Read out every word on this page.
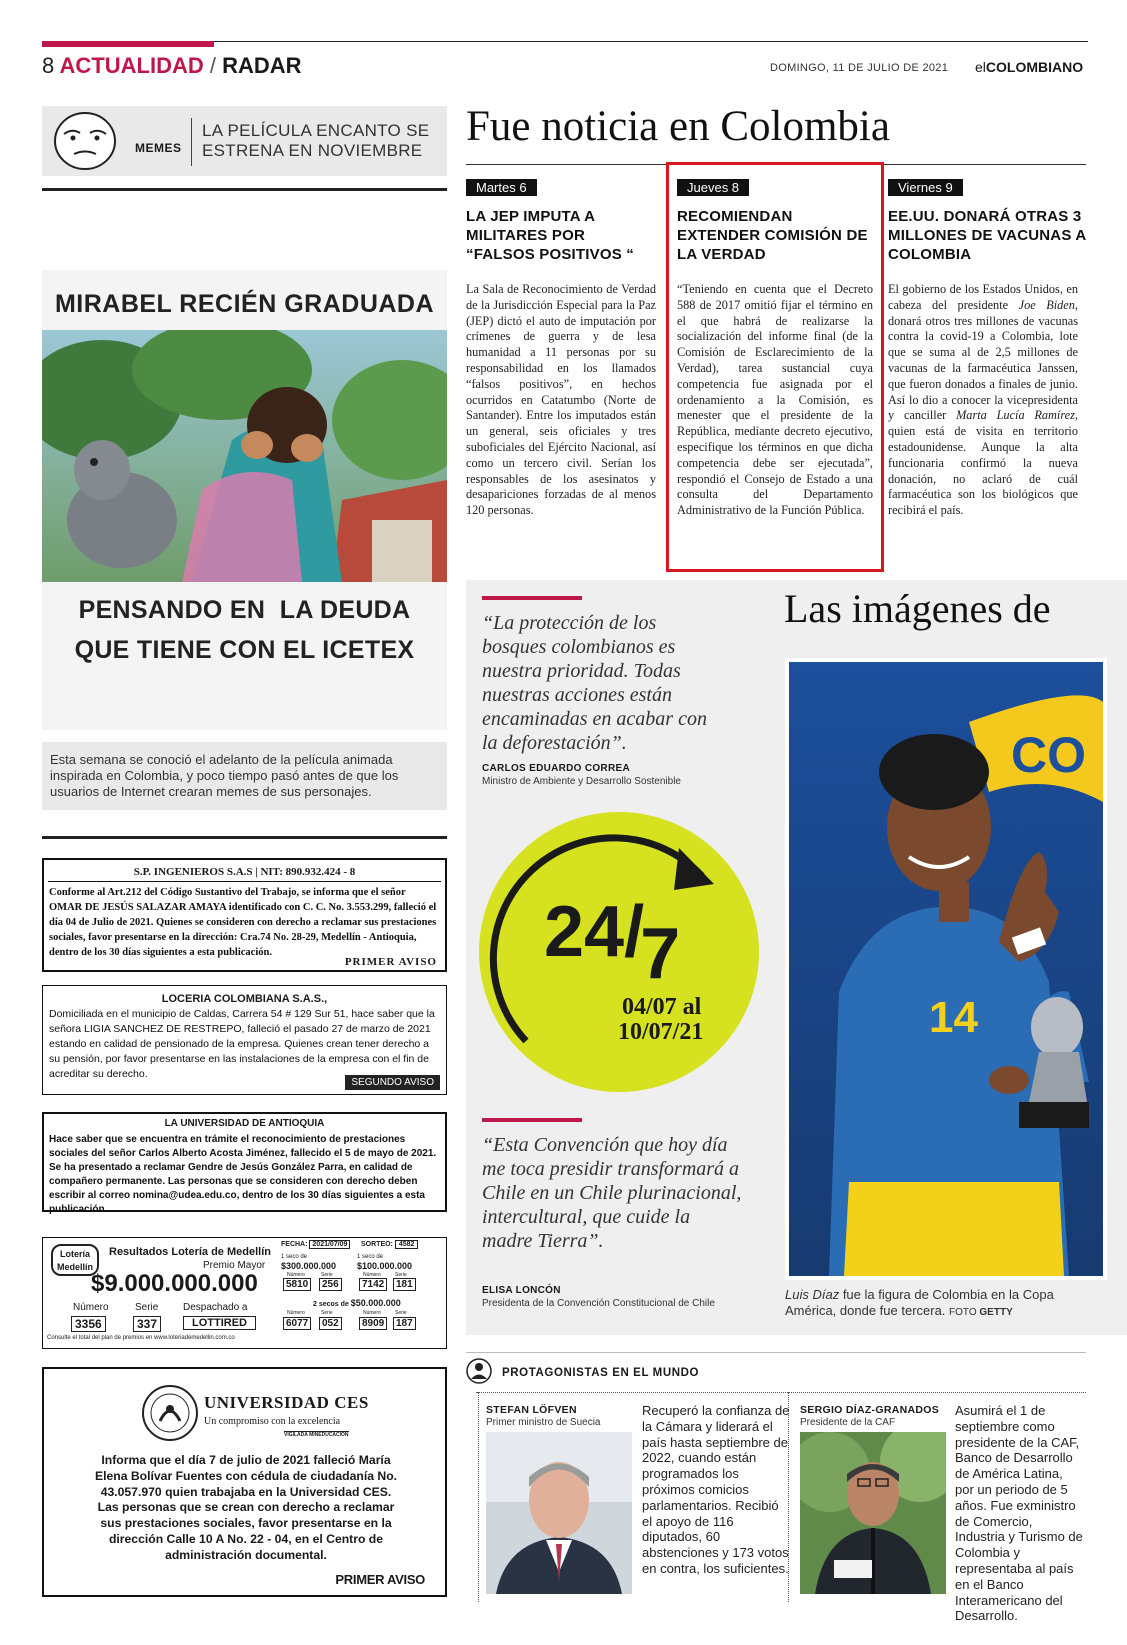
8 ACTUALIDAD / RADAR	DOMINGO, 11 DE JULIO DE 2021 elCOLOMBIANO
MEMES
LA PELÍCULA ENCANTO SE ESTRENA EN NOVIEMBRE
MIRABEL RECIÉN GRADUADA
PENSANDO EN  LA DEUDA
QUE TIENE CON EL ICETEX
Esta semana se conoció el adelanto de la película animada inspirada en Colombia, y poco tiempo pasó antes de que los usuarios de Internet crearan memes de sus personajes.
S.P. INGENIEROS S.A.S | NIT: 890.932.424 - 8
Conforme al Art.212 del Código Sustantivo del Trabajo, se informa que el señor OMAR DE JESÚS SALAZAR AMAYA identificado con C. C. No. 3.553.299, falleció el día 04 de Julio de 2021. Quienes se consideren con derecho a reclamar sus prestaciones sociales, favor presentarse en la dirección: Cra.74 No. 28-29, Medellín - Antioquia, dentro de los 30 días siguientes a esta publicación.
PRIMER AVISO
LOCERIA COLOMBIANA S.A.S.,
Domiciliada en el municipio de Caldas, Carrera 54 # 129 Sur 51, hace saber que la señora LIGIA SANCHEZ DE RESTREPO, falleció el pasado 27 de marzo de 2021 estando en calidad de pensionado de la empresa. Quienes crean tener derecho a su pensión, por favor presentarse en las instalaciones de la empresa con el fin de acreditar su derecho.
SEGUNDO AVISO
LA UNIVERSIDAD DE ANTIOQUIA
Hace saber que se encuentra en trámite el reconocimiento de prestaciones sociales del señor Carlos Alberto Acosta Jiménez, fallecido el 5 de mayo de 2021. Se ha presentado a reclamar Gendre de Jesús González Parra, en calidad de compañero permanente. Las personas que se consideren con derecho deben escribir al correo nomina@udea.edu.co, dentro de los 30 días siguientes a esta publicación.
Lotería
Medellín
Resultados Lotería de Medellín
Premio Mayor
$9.000.000.000
Número	Serie Despachado a
3356	337	LOTTIRED
Consulte el total del plan de premios en www.loteriademedellin.com.co
FECHA: 2021/07/09	SORTEO: 4582
1 seco de
$300.000.000
Número	Serie
5810	256
1 seco de
$100.000.000
Número	Serie
7142	181
2 secos de $50.000.000
Número	Serie	Número	Serie
6077	052	8909	187
UNIVERSIDAD CES
Un compromiso con la excelencia
VIGILADA MINEDUCACIÓN
Informa que el día 7 de julio de 2021 falleció María Elena Bolívar Fuentes con cédula de ciudadanía No. 43.057.970 quien trabajaba en la Universidad CES. Las personas que se crean con derecho a reclamar sus prestaciones sociales, favor presentarse en la dirección Calle 10 A No. 22 - 04, en el Centro de administración documental.
PRIMER AVISO
Fue noticia en Colombia
Martes 6
LA JEP IMPUTA A MILITARES POR “FALSOS POSITIVOS “
La Sala de Reconocimiento de Verdad de la Jurisdicción Especial para la Paz (JEP) dictó el auto de imputación por crímenes de guerra y de lesa humanidad a 11 personas por su responsabilidad en los llamados “falsos positivos”, en hechos ocurridos en Catatumbo (Norte de Santander). Entre los imputados están un general, seis oficiales y tres suboficiales del Ejército Nacional, así como un tercero civil. Serían los responsables de los asesinatos y desapariciones forzadas de al menos 120 personas.
Jueves 8
RECOMIENDAN EXTENDER COMISIÓN DE LA VERDAD
“Teniendo en cuenta que el Decreto 588 de 2017 omitió fijar el término en el que habrá de realizarse la socialización del informe final (de la Comisión de Esclarecimiento de la Verdad), tarea sustancial cuya competencia fue asignada por el ordenamiento a la Comisión, es menester que el presidente de la República, mediante decreto ejecutivo, especifique los términos en que dicha competencia debe ser ejecutada”, respondió el Consejo de Estado a una consulta del Departamento Administrativo de la Función Pública.
Viernes 9
EE.UU. DONARÁ OTRAS 3 MILLONES DE VACUNAS A COLOMBIA
El gobierno de los Estados Unidos, en cabeza del presidente Joe Biden, donará otros tres millones de vacunas contra la covid-19 a Colombia, lote que se suma al de 2,5 millones de vacunas de la farmacéutica Janssen, que fueron donados a finales de junio. Así lo dio a conocer la vicepresidenta y canciller Marta Lucía Ramírez, quien está de visita en territorio estadounidense. Aunque la alta funcionaria confirmó la nueva donación, no aclaró de cuál farmacéutica son los biológicos que recibirá el país.
“La protección de los bosques colombianos es nuestra prioridad. Todas nuestras acciones están encaminadas en acabar con la deforestación”.
CARLOS EDUARDO CORREA
Ministro de Ambiente y Desarrollo Sostenible
24/7
04/07 al
10/07/21
“Esta Convención que hoy día me toca presidir transformará a Chile en un Chile plurinacional, intercultural, que cuide la madre Tierra”.
ELISA LONCÓN
Presidenta de la Convención Constitucional de Chile
Las imágenes de
CO
14
Luis Díaz fue la figura de Colombia en la Copa América, donde fue tercera. FOTO GETTY
PROTAGONISTAS EN EL MUNDO
STEFAN LÖFVEN
Primer ministro de Suecia
Recuperó la confianza de la Cámara y liderará el país hasta septiembre de 2022, cuando están programados los próximos comicios parlamentarios. Recibió el apoyo de 116 diputados, 60 abstenciones y 173 votos en contra, los suficientes.
SERGIO DÍAZ-GRANADOS
Presidente de la CAF
Asumirá el 1 de septiembre como presidente de la CAF, Banco de Desarrollo de América Latina, por un periodo de 5 años. Fue exministro de Comercio, Industria y Turismo de Colombia y representaba al país en el Banco Interamericano del Desarrollo.
